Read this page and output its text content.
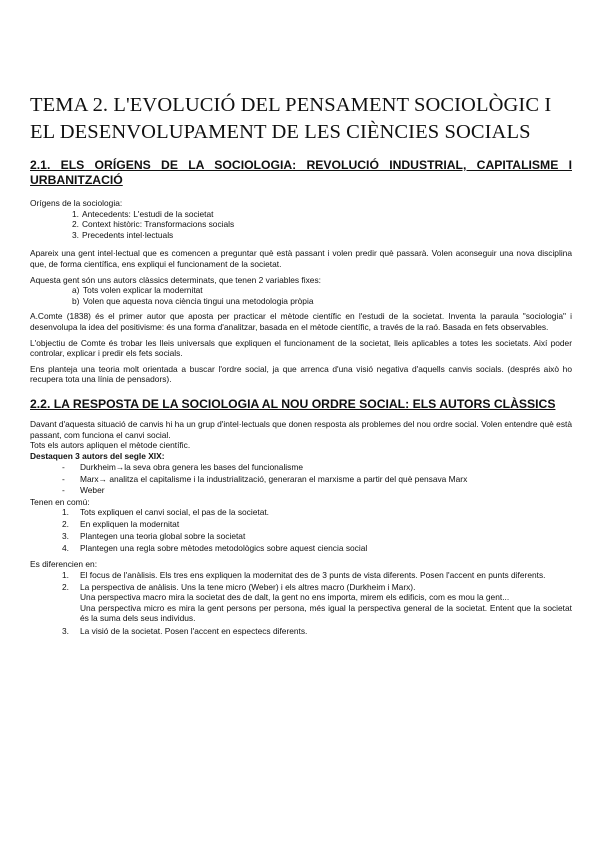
TEMA 2. L'EVOLUCIÓ DEL PENSAMENT SOCIOLÒGIC I EL DESENVOLUPAMENT DE LES CIÈNCIES SOCIALS
2.1. ELS ORÍGENS DE LA SOCIOLOGIA: REVOLUCIÓ INDUSTRIAL, CAPITALISME I URBANITZACIÓ
Orígens de la sociologia:
1. Antecedents: L'estudi de la societat
2. Context històric: Transformacions socials
3. Precedents intel·lectuals

Apareix una gent intel·lectual que es comencen a preguntar què està passant i volen predir què passarà. Volen aconseguir una nova disciplina que, de forma científica, ens expliqui el funcionament de la societat.

Aquesta gent són uns autors clàssics determinats, que tenen 2 variables fixes:

a) Tots volen explicar la modernitat
b) Volen que aquesta nova ciència tingui una metodologia pròpia

A.Comte (1838) és el primer autor que aposta per practicar el mètode científic en l'estudi de la societat. Inventa la paraula "sociologia" i desenvolupa la idea del positivisme: és una forma d'analitzar, basada en el mètode científic, a través de la raó. Basada en fets observables.

L'objectiu de Comte és trobar les lleis universals que expliquen el funcionament de la societat, lleis aplicables a totes les societats. Així poder controlar, explicar i predir els fets socials.

Ens planteja una teoria molt orientada a buscar l'ordre social, ja que arrenca d'una visió negativa d'aquells canvis socials. (després això ho recupera tota una línia de pensadors).

2.2. LA RESPOSTA DE LA SOCIOLOGIA AL NOU ORDRE SOCIAL: ELS AUTORS CLÀSSICS

Davant d'aquesta situació de canvis hi ha un grup d'intel·lectuals que donen resposta als problemes del nou ordre social. Volen entendre què està passant, com funciona el canvi social.

Tots els autors apliquen el mètode científic.

Destaquen 3 autors del segle XIX:
- Durkheim→la seva obra genera les bases del funcionalisme
- Marx→ analitza el capitalisme i la industrialització, generaran el marxisme a partir del què pensava Marx
- Weber
Tenen en comú:
1. Tots expliquen el canvi social, el pas de la societat.
2. En expliquen la modernitat
3. Plantegen una teoria global sobre la societat
4. Plantegen una regla sobre mètodes metodològics sobre aquest ciencia social
Es diferencien en:
1. El focus de l'anàlisis. Els tres ens expliquen la modernitat des de 3 punts de vista diferents. Posen l'accent en punts diferents.
2. La perspectiva de anàlisis. Uns la tene micro (Weber) i els altres macro (Durkheim i Marx).
Una perspectiva macro mira la societat des de dalt, la gent no ens importa, mirem els edificis, com es mou la gent...
Una perspectiva micro es mira la gent persons per persona, més igual la perspectiva general de la societat. Entent que la societat és la suma dels seus individus.
3. La visió de la societat. Posen l'accent en espectecs diferents.
